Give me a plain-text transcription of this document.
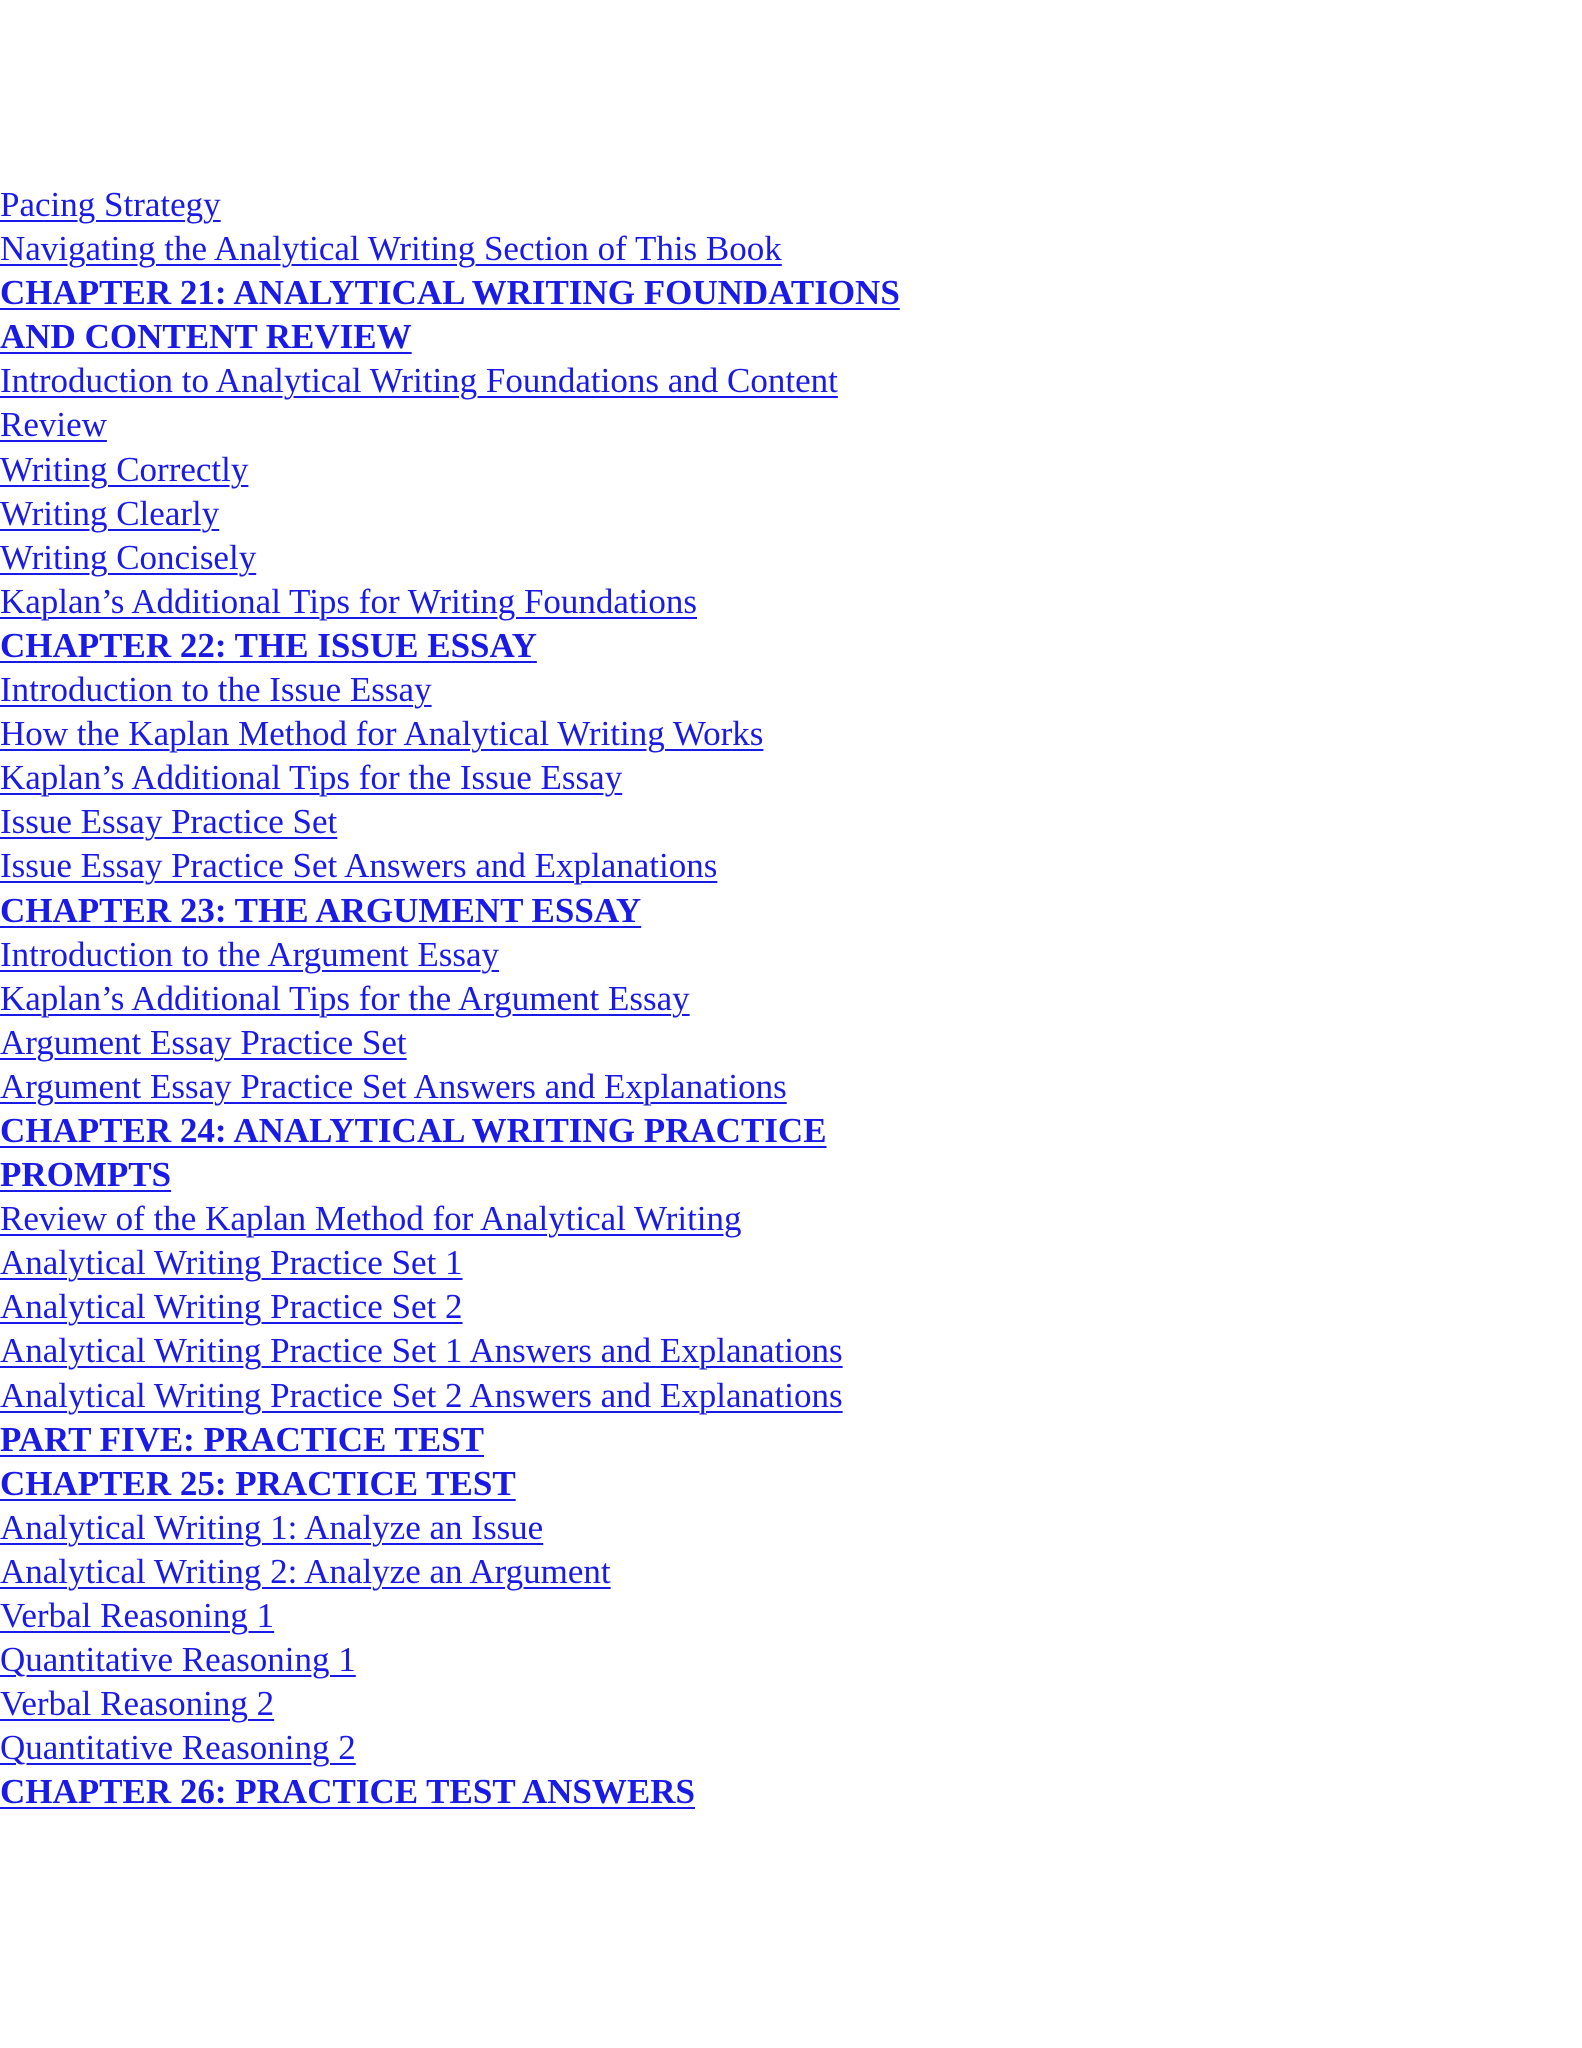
Pacing Strategy
Navigating the Analytical Writing Section of This Book
CHAPTER 21: ANALYTICAL WRITING FOUNDATIONS
AND CONTENT REVIEW
Introduction to Analytical Writing Foundations and Content
Review
Writing Correctly
Writing Clearly
Writing Concisely
Kaplan’s Additional Tips for Writing Foundations
CHAPTER 22: THE ISSUE ESSAY
Introduction to the Issue Essay
How the Kaplan Method for Analytical Writing Works
Kaplan’s Additional Tips for the Issue Essay
Issue Essay Practice Set
Issue Essay Practice Set Answers and Explanations
CHAPTER 23: THE ARGUMENT ESSAY
Introduction to the Argument Essay
Kaplan’s Additional Tips for the Argument Essay
Argument Essay Practice Set
Argument Essay Practice Set Answers and Explanations
CHAPTER 24: ANALYTICAL WRITING PRACTICE
PROMPTS
Review of the Kaplan Method for Analytical Writing
Analytical Writing Practice Set 1
Analytical Writing Practice Set 2
Analytical Writing Practice Set 1 Answers and Explanations
Analytical Writing Practice Set 2 Answers and Explanations
PART FIVE: PRACTICE TEST
CHAPTER 25: PRACTICE TEST
Analytical Writing 1: Analyze an Issue
Analytical Writing 2: Analyze an Argument
Verbal Reasoning 1
Quantitative Reasoning 1
Verbal Reasoning 2
Quantitative Reasoning 2
CHAPTER 26: PRACTICE TEST ANSWERS
